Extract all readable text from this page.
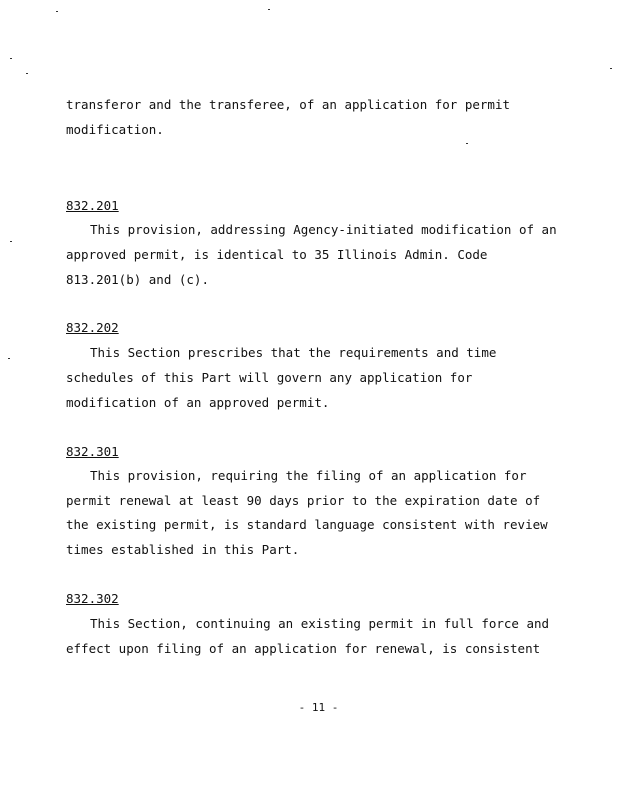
transferor and the transferee, of an application for permit
modification.
832.201
This provision, addressing Agency-initiated modification of an
approved permit, is identical to 35 Illinois Admin. Code
813.201(b) and (c).
832.202
This Section prescribes that the requirements and time
schedules of this Part will govern any application for
modification of an approved permit.
832.301
This provision, requiring the filing of an application for
permit renewal at least 90 days prior to the expiration date of
the existing permit, is standard language consistent with review
times established in this Part.
832.302
This Section, continuing an existing permit in full force and
effect upon filing of an application for renewal, is consistent
- 11 -
